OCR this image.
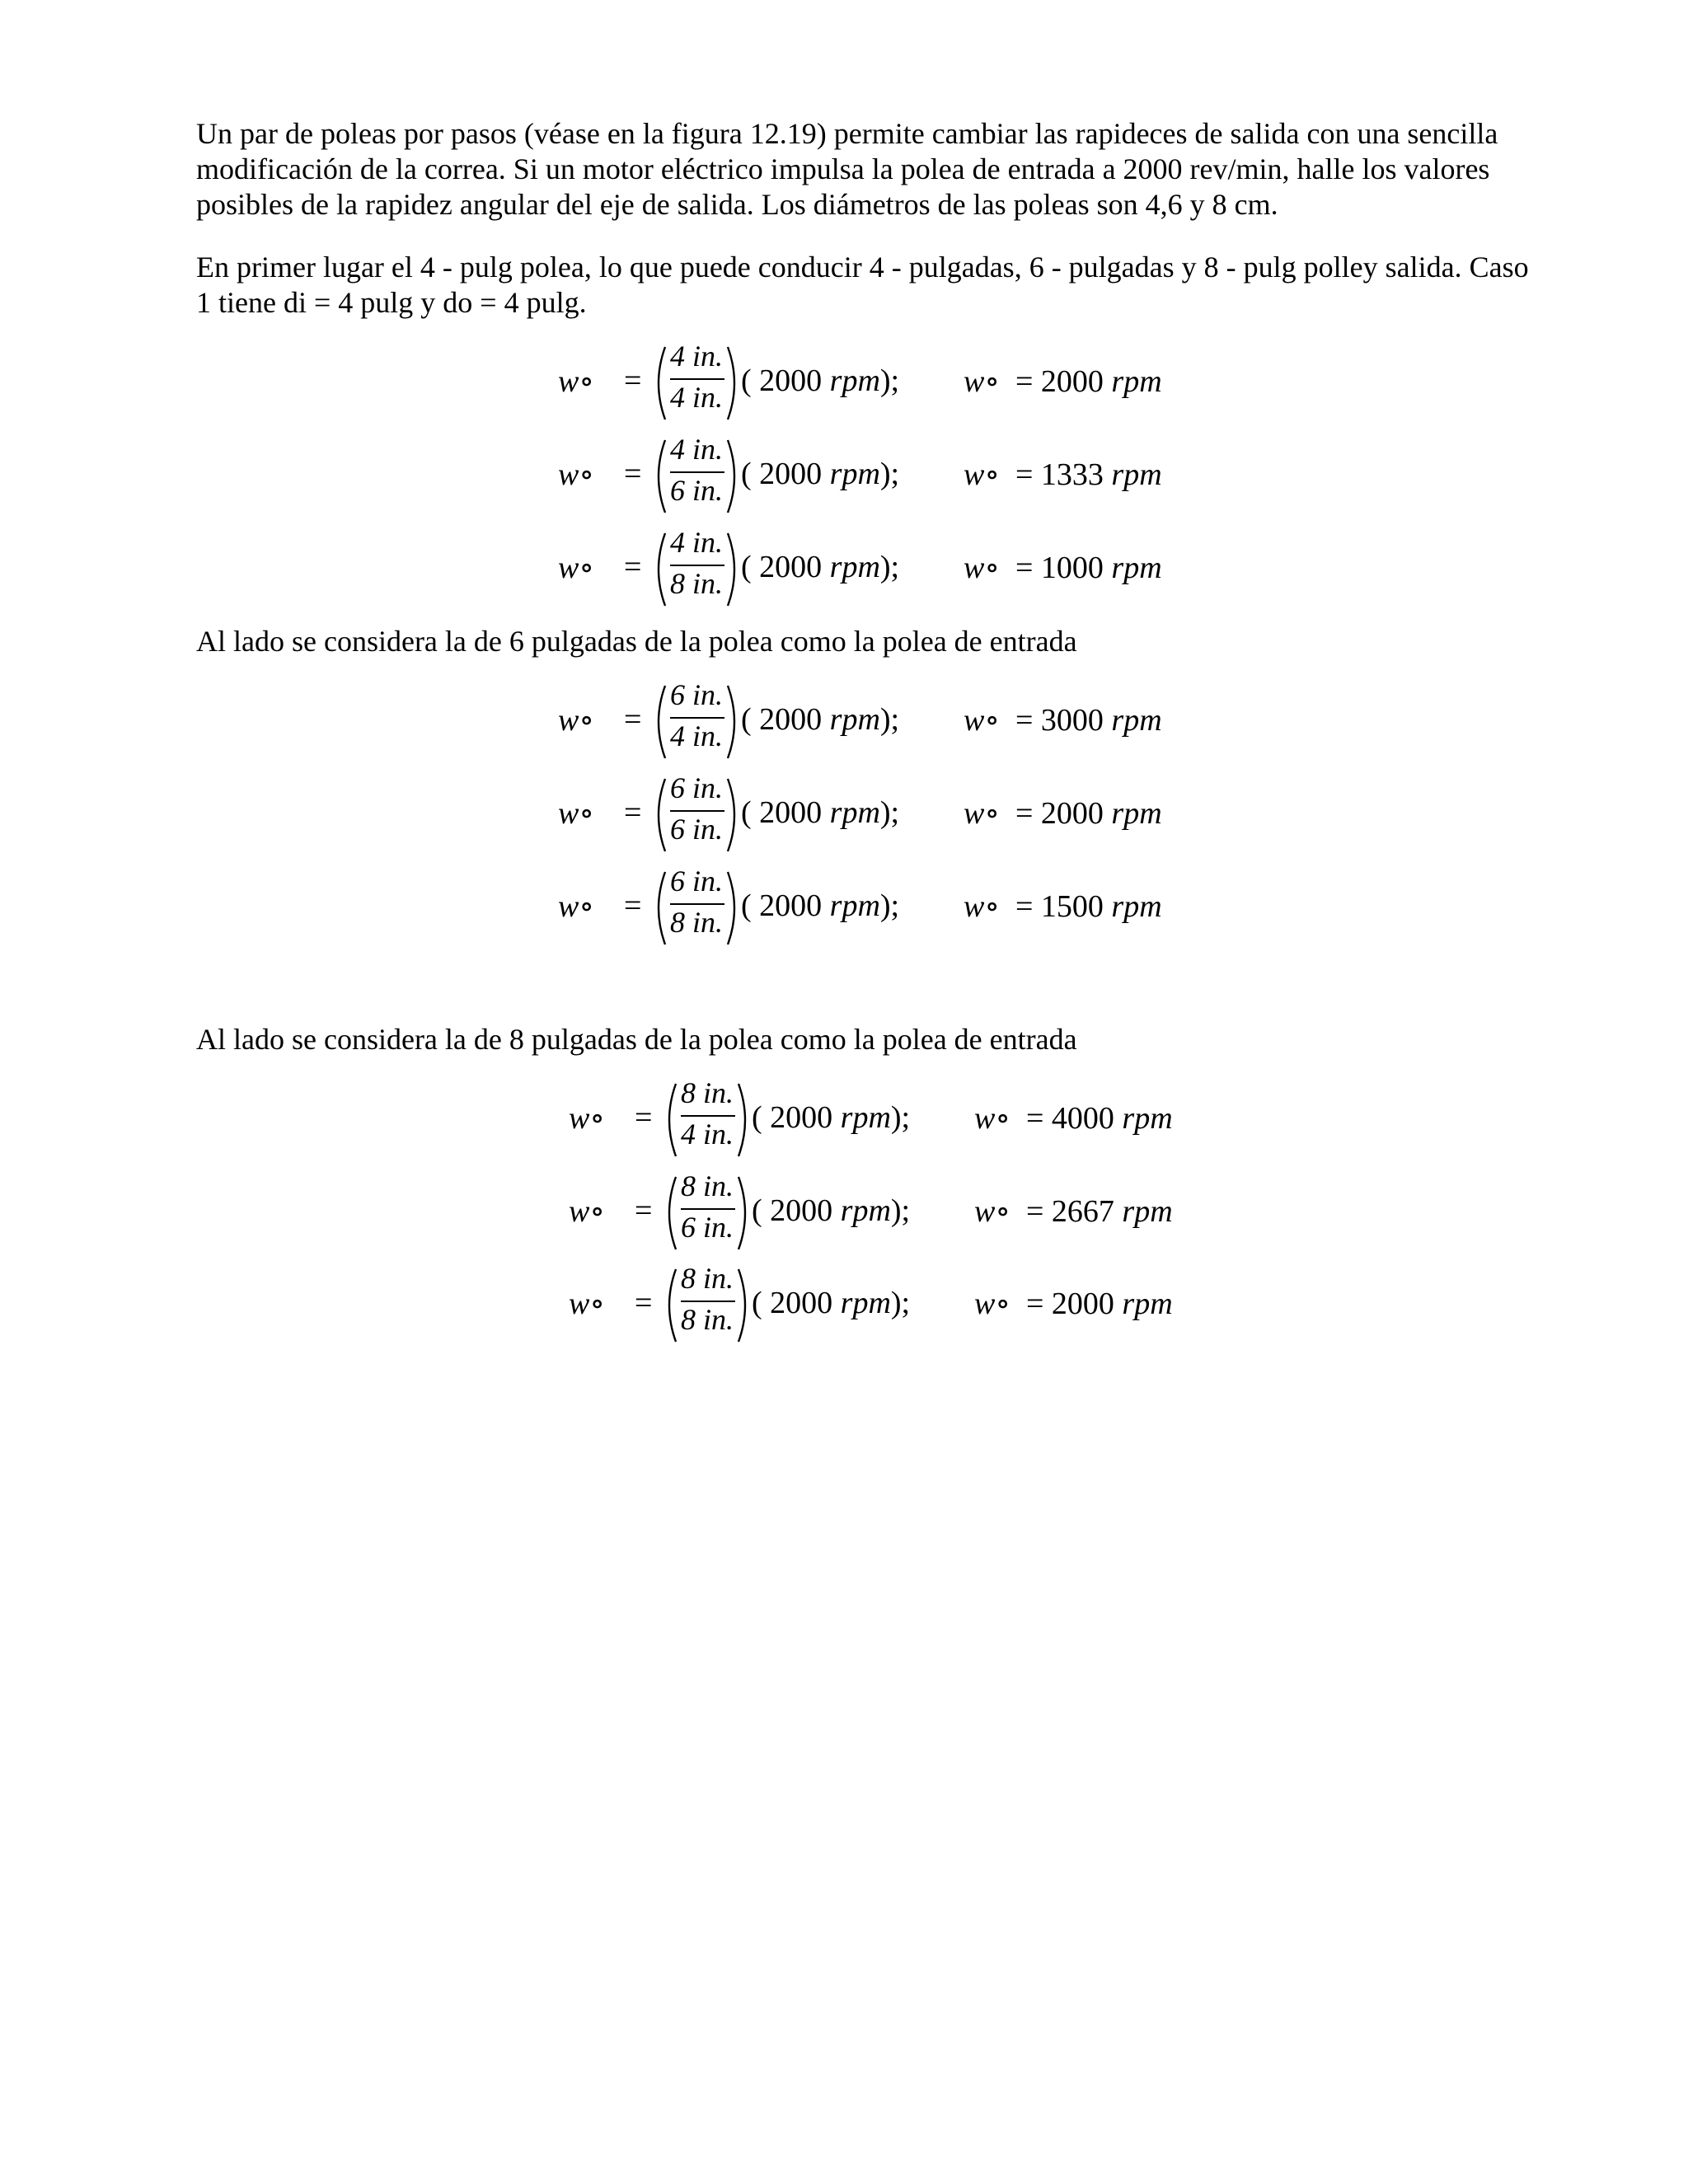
Un par de poleas por pasos (véase en la figura 12.19) permite cambiar las rapideces de salida con una sencilla
modificación de la correa. Si un motor eléctrico impulsa la polea de entrada a 2000 rev/min, halle los valores
posibles de la rapidez angular del eje de salida. Los diámetros de las poleas son 4,6 y 8 cm.

En primer lugar el 4 - pulg polea, lo que puede conducir 4 - pulgadas, 6 - pulgadas y 8 - pulg polley salida. Caso
1 tiene di = 4 pulg y do = 4 pulg.

Al lado se considera la de 6 pulgadas de la polea como la polea de entrada

Al lado se considera la de 8 pulgadas de la polea como la polea de entrada

w∘ =
4 in.
4 in. ( 2000 rpm); w∘ = 2000 rpm
w∘ =
4 in.
6 in. ( 2000 rpm); w∘ = 1333 rpm
w∘ =
4 in.
8 in. ( 2000 rpm); w∘ = 1000 rpm
w∘ =
6 in.
4 in. ( 2000 rpm); w∘ = 3000 rpm
w∘ =
6 in.
6 in. ( 2000 rpm); w∘ = 2000 rpm
w∘ =
6 in.
8 in. ( 2000 rpm); w∘ = 1500 rpm
w∘ =
8 in.
4 in. ( 2000 rpm); w∘ = 4000 rpm
w∘ =
8 in.
6 in. ( 2000 rpm); w∘ = 2667 rpm
w∘ =
8 in.
8 in. ( 2000 rpm); w∘ = 2000 rpm
